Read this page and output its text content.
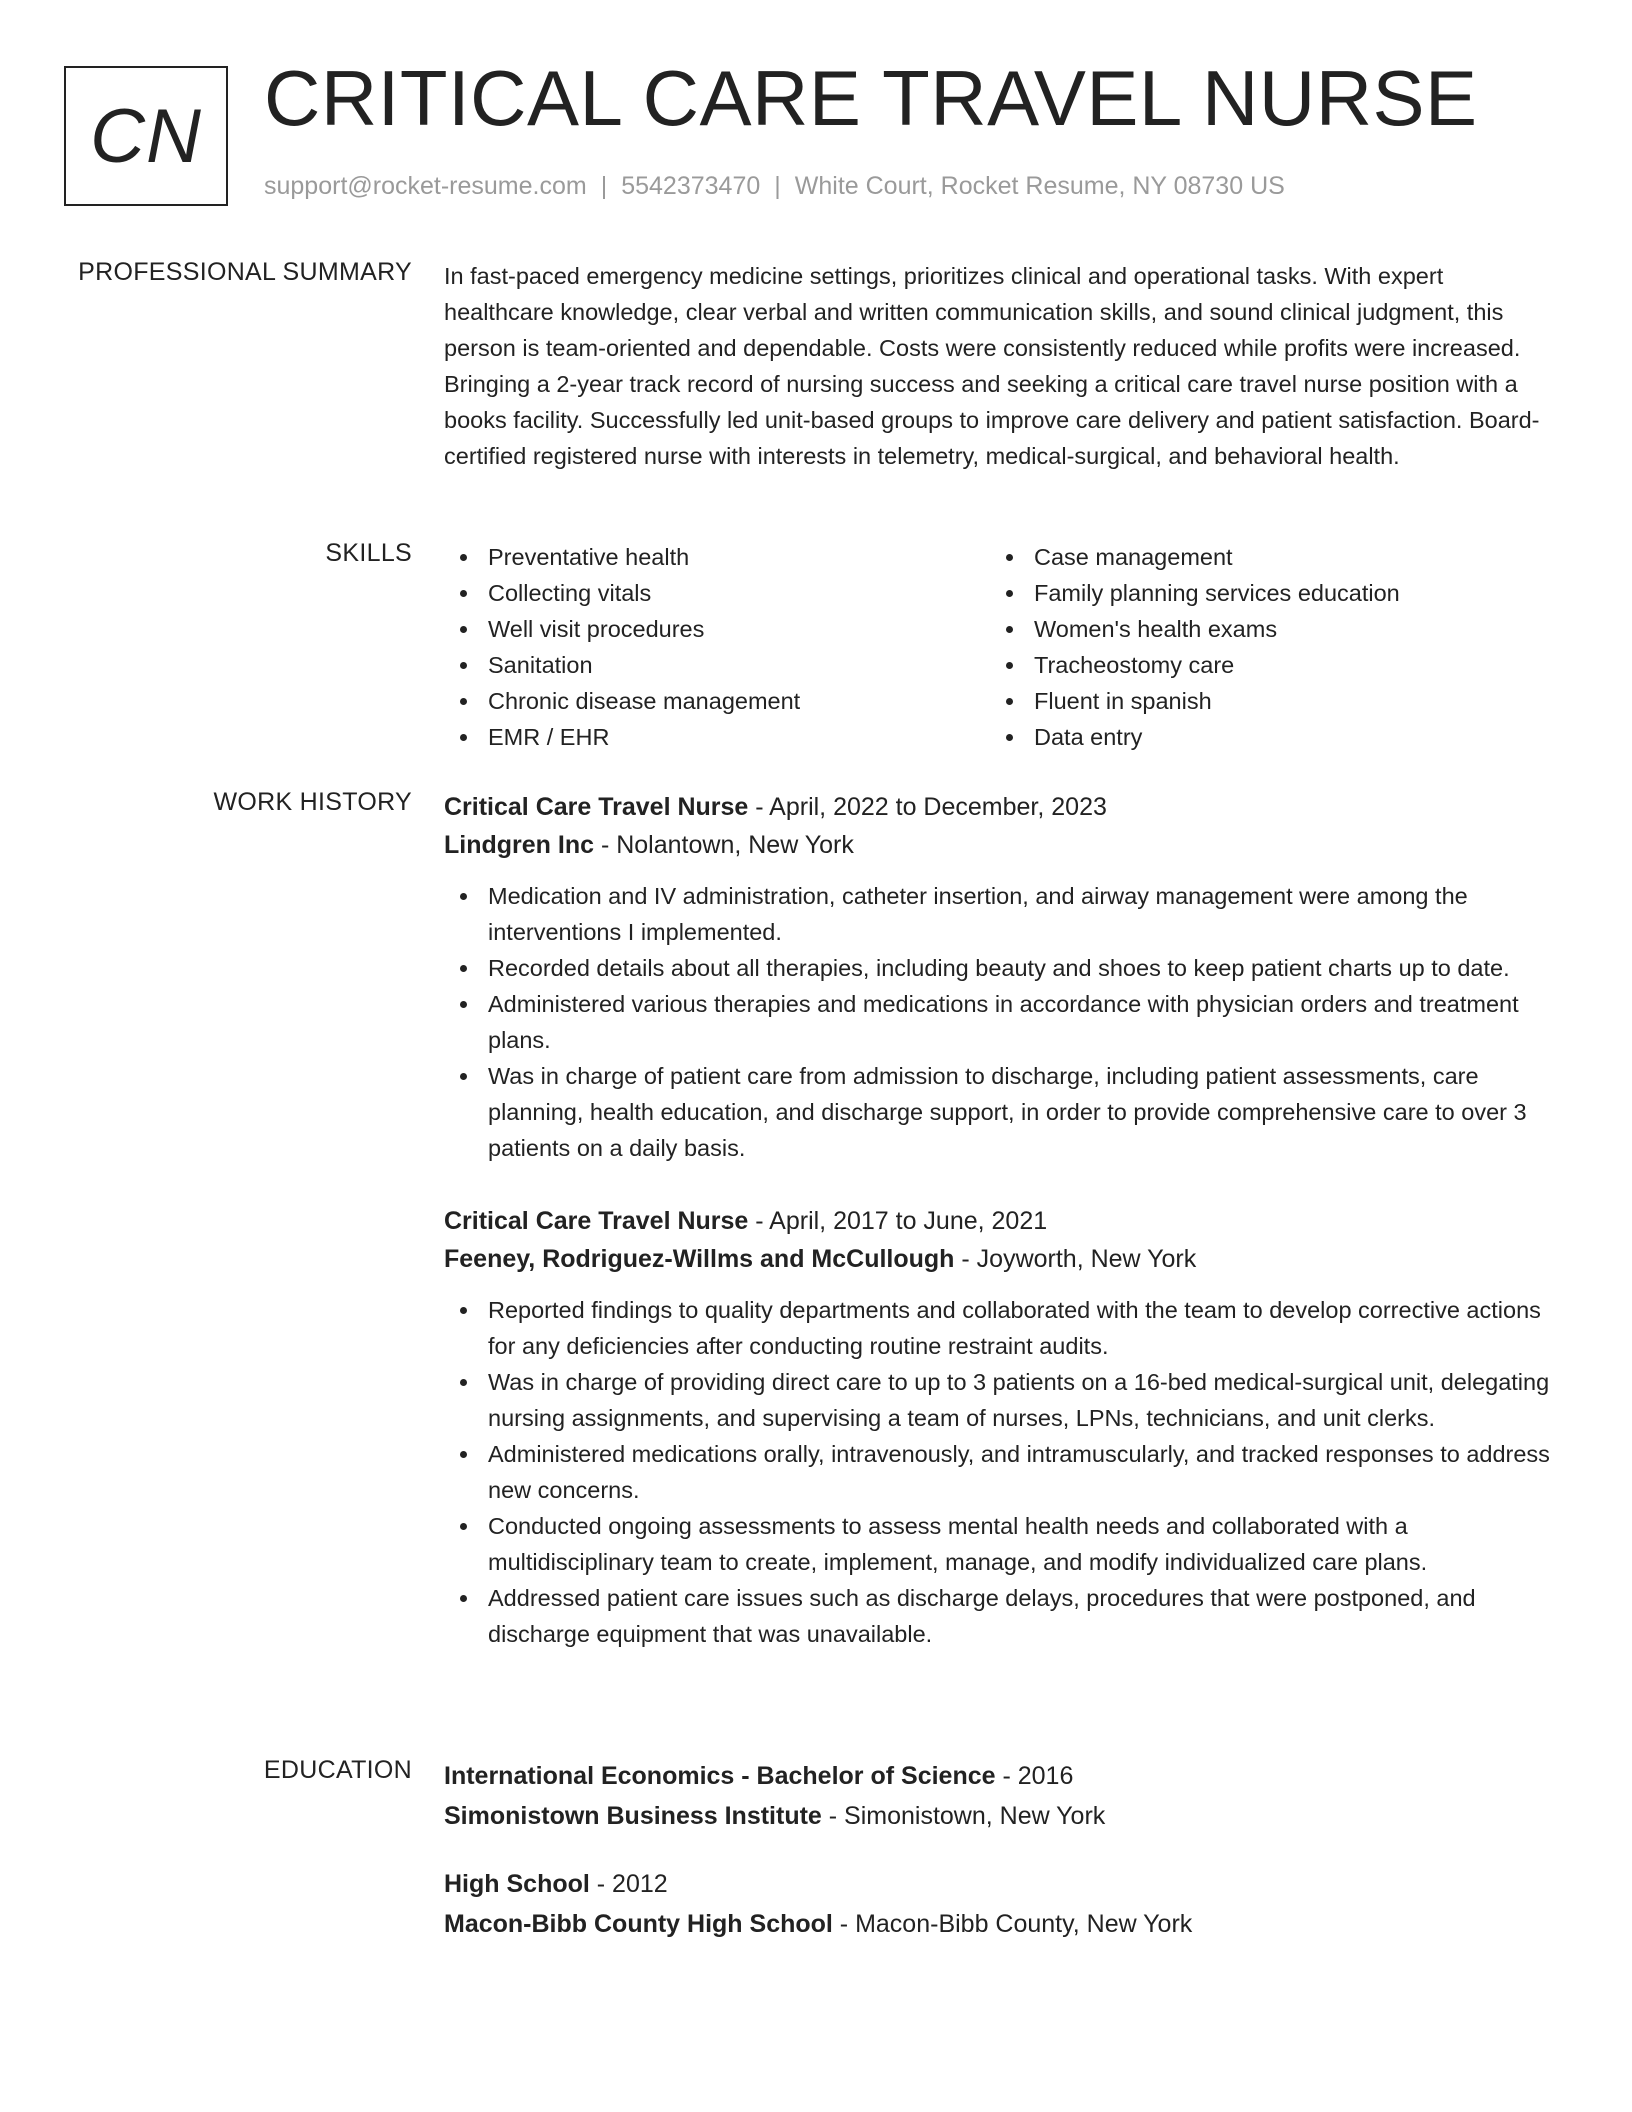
CN CRITICAL CARE TRAVEL NURSE
support@rocket-resume.com | 5542373470 | White Court, Rocket Resume, NY 08730 US
PROFESSIONAL SUMMARY In fast-paced emergency medicine settings, prioritizes clinical and operational tasks. With expert healthcare knowledge, clear verbal and written communication skills, and sound clinical judgment, this person is team-oriented and dependable. Costs were consistently reduced while profits were increased. Bringing a 2-year track record of nursing success and seeking a critical care travel nurse position with a books facility. Successfully led unit-based groups to improve care delivery and patient satisfaction. Board-certified registered nurse with interests in telemetry, medical-surgical, and behavioral health.

SKILLS	Preventative health
Collecting vitals
Well visit procedures
Sanitation
Chronic disease management
EMR / EHR
Case management
Family planning services education
Women's health exams
Tracheostomy care
Fluent in spanish
Data entry
WORK HISTORY Critical Care Travel Nurse - April, 2022 to December, 2023
Lindgren Inc - Nolantown, New York
Medication and IV administration, catheter insertion, and airway management were among the interventions I implemented.
Recorded details about all therapies, including beauty and shoes to keep patient charts up to date.
Administered various therapies and medications in accordance with physician orders and treatment plans.
Was in charge of patient care from admission to discharge, including patient assessments, care planning, health education, and discharge support, in order to provide comprehensive care to over 3 patients on a daily basis.
Critical Care Travel Nurse - April, 2017 to June, 2021
Feeney, Rodriguez-Willms and McCullough - Joyworth, New York
Reported findings to quality departments and collaborated with the team to develop corrective actions for any deficiencies after conducting routine restraint audits.
Was in charge of providing direct care to up to 3 patients on a 16-bed medical-surgical unit, delegating nursing assignments, and supervising a team of nurses, LPNs, technicians, and unit clerks.
Administered medications orally, intravenously, and intramuscularly, and tracked responses to address new concerns.
Conducted ongoing assessments to assess mental health needs and collaborated with a multidisciplinary team to create, implement, manage, and modify individualized care plans.
Addressed patient care issues such as discharge delays, procedures that were postponed, and discharge equipment that was unavailable.
EDUCATION International Economics - Bachelor of Science - 2016
Simonistown Business Institute - Simonistown, New York
High School - 2012
Macon-Bibb County High School - Macon-Bibb County, New York
